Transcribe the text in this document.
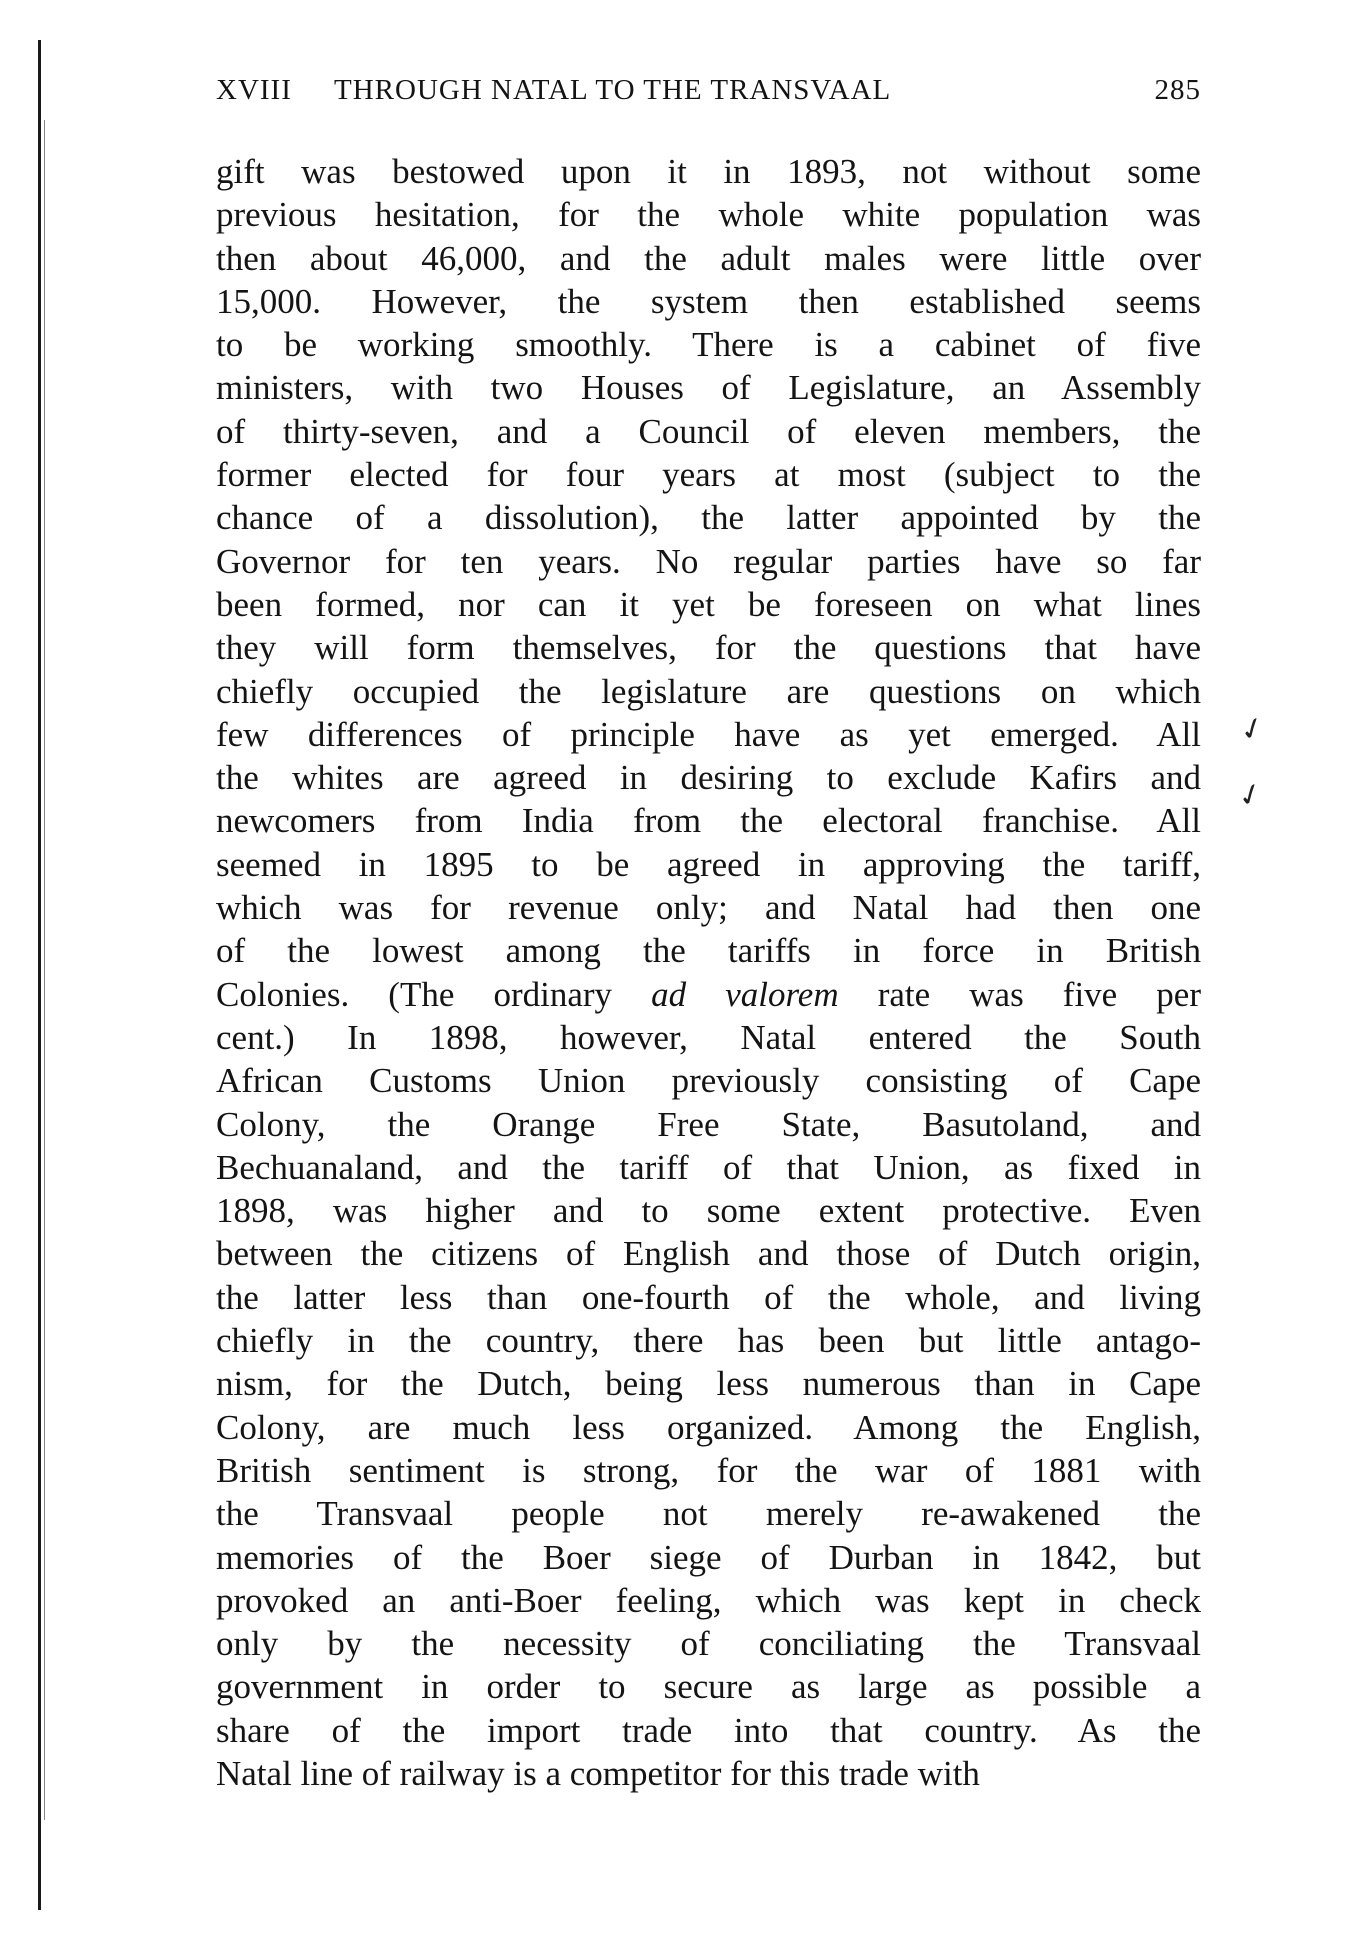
XVIII THROUGH NATAL TO THE TRANSVAAL	285
gift was bestowed upon it in 1893, not without some
previous hesitation, for the whole white population was
then about 46,000, and the adult males were little over
15,000. However, the system then established seems
to be working smoothly. There is a cabinet of five
ministers, with two Houses of Legislature, an Assembly
of thirty-seven, and a Council of eleven members, the
former elected for four years at most (subject to the
chance of a dissolution), the latter appointed by the
Governor for ten years. No regular parties have so far
been formed, nor can it yet be foreseen on what lines
they will form themselves, for the questions that have
chiefly occupied the legislature are questions on which
few differences of principle have as yet emerged. All
the whites are agreed in desiring to exclude Kafirs and
newcomers from India from the electoral franchise. All
seemed in 1895 to be agreed in approving the tariff,
which was for revenue only; and Natal had then one
of the lowest among the tariffs in force in British
Colonies. (The ordinary ad valorem rate was five per
cent.) In 1898, however, Natal entered the South
African Customs Union previously consisting of Cape
Colony, the Orange Free State, Basutoland, and
Bechuanaland, and the tariff of that Union, as fixed in
1898, was higher and to some extent protective. Even
between the citizens of English and those of Dutch origin,
the latter less than one-fourth of the whole, and living
chiefly in the country, there has been but little antago-
nism, for the Dutch, being less numerous than in Cape
Colony, are much less organized. Among the English,
British sentiment is strong, for the war of 1881 with
the Transvaal people not merely re-awakened the
memories of the Boer siege of Durban in 1842, but
provoked an anti-Boer feeling, which was kept in check
only by the necessity of conciliating the Transvaal
government in order to secure as large as possible a
share of the import trade into that country. As the
Natal line of railway is a competitor for this trade with
✓
✓
